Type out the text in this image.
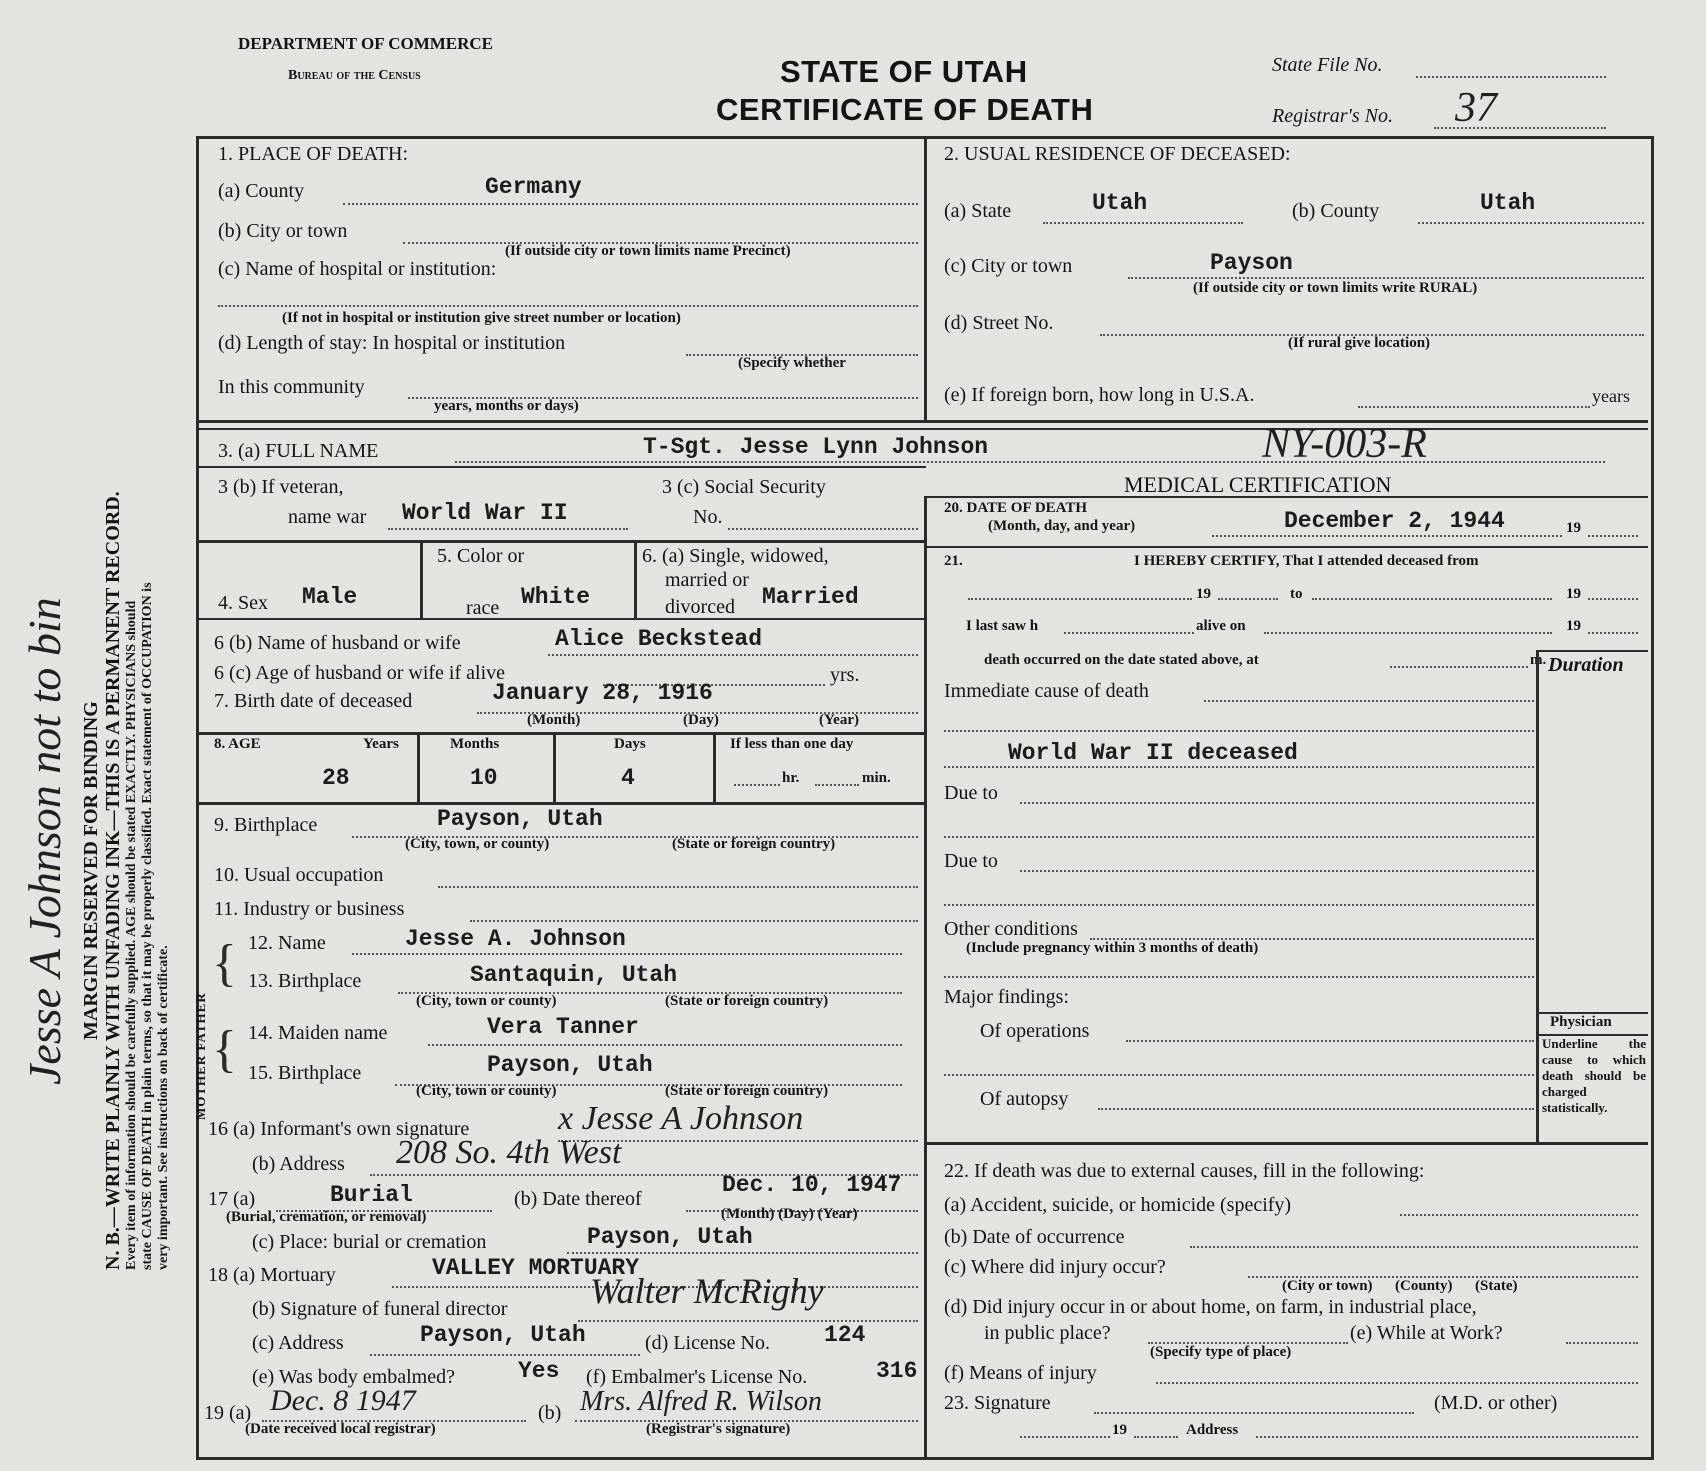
Jesse A Johnson not to bin MARGIN RESERVED FOR BINDING N. B.—WRITE PLAINLY WITH UNFADING INK—THIS IS A PERMANENT RECORD. Every item of information should be carefully supplied. AGE should be stated EXACTLY. PHYSICIANS should state CAUSE OF DEATH in plain terms, so that it may be properly classified. Exact statement of OCCUPATION is very important. See instructions on back of certificate.
DEPARTMENT OF COMMERCE
Bureau of the Census	STATE OF UTAH
CERTIFICATE OF DEATH
State File No.
Registrar's No. 37
1. PLACE OF DEATH:
(a) County	Germany
(b) City or town
(If outside city or town limits name Precinct)
(c) Name of hospital or institution:
(If not in hospital or institution give street number or location)
(d) Length of stay: In hospital or institution
(Specify whether
In this community
years, months or days)
2. USUAL RESIDENCE OF DECEASED:
(a) State	Utah	(b) County	Utah
(c) City or town	Payson
(If outside city or town limits write RURAL)
(d) Street No.
(If rural give location)
(e) If foreign born, how long in U.S.A.	years
3. (a) FULL NAME	T-Sgt. Jesse Lynn Johnson	NY-003-R
3 (b) If veteran,
name war World War II
3 (c) Social Security
No.
MEDICAL CERTIFICATION
4. Sex Male
5. Color or
race White
6. (a) Single, widowed,
married or
divorced Married
6 (b) Name of husband or wife	Alice Beckstead
6 (c) Age of husband or wife if alive	yrs.
7. Birth date of deceased	January 28, 1916
(Month)	(Day)	(Year)
8. AGE	Years	Months	Days	If less than one day
28	10	4	hr.	min.
9. Birthplace	Payson, Utah
(City, town, or county)	(State or foreign country)
10. Usual occupation
11. Industry or business
MOTHER FATHER
{
{
12. Name	Jesse A. Johnson
13. Birthplace	Santaquin, Utah
(City, town or county)	(State or foreign country)
14. Maiden name	Vera Tanner
15. Birthplace	Payson, Utah
(City, town or county)	(State or foreign country)
16 (a) Informant's own signature	x Jesse A Johnson
(b) Address 208 So. 4th West
17 (a)	Burial
(Burial, cremation, or removal)
(b) Date thereof
Dec. 10, 1947
(Month) (Day) (Year)
(c) Place: burial or cremation	Payson, Utah
18 (a) Mortuary	VALLEY MORTUARY
(b) Signature of funeral director Walter McRighy
(c) Address	Payson, Utah	(d) License No. 124
(e) Was body embalmed?	Yes (f) Embalmer's License No.	316
19 (a) Dec. 8 1947
(Date received local registrar)
(b) Mrs. Alfred R. Wilson
(Registrar's signature)
20. DATE OF DEATH
(Month, day, and year)	December 2, 1944	19
21.	I HEREBY CERTIFY, That I attended deceased from
19	to	19
I last saw h	alive on	19
death occurred on the date stated above, at	m. Duration
Immediate cause of death
World War II deceased
Due to
Due to
Other conditions
(Include pregnancy within 3 months of death)
Major findings:
Of operations
Of autopsy
Physician
Underline the cause to which death should be charged statistically.
22. If death was due to external causes, fill in the following:
(a) Accident, suicide, or homicide (specify)
(b) Date of occurrence
(c) Where did injury occur?
(City or town)      (County)      (State)
(d) Did injury occur in or about home, on farm, in industrial place,
in public place?
(Specify type of place)
(e) While at Work?
(f) Means of injury
23. Signature	(M.D. or other)
19	Address
